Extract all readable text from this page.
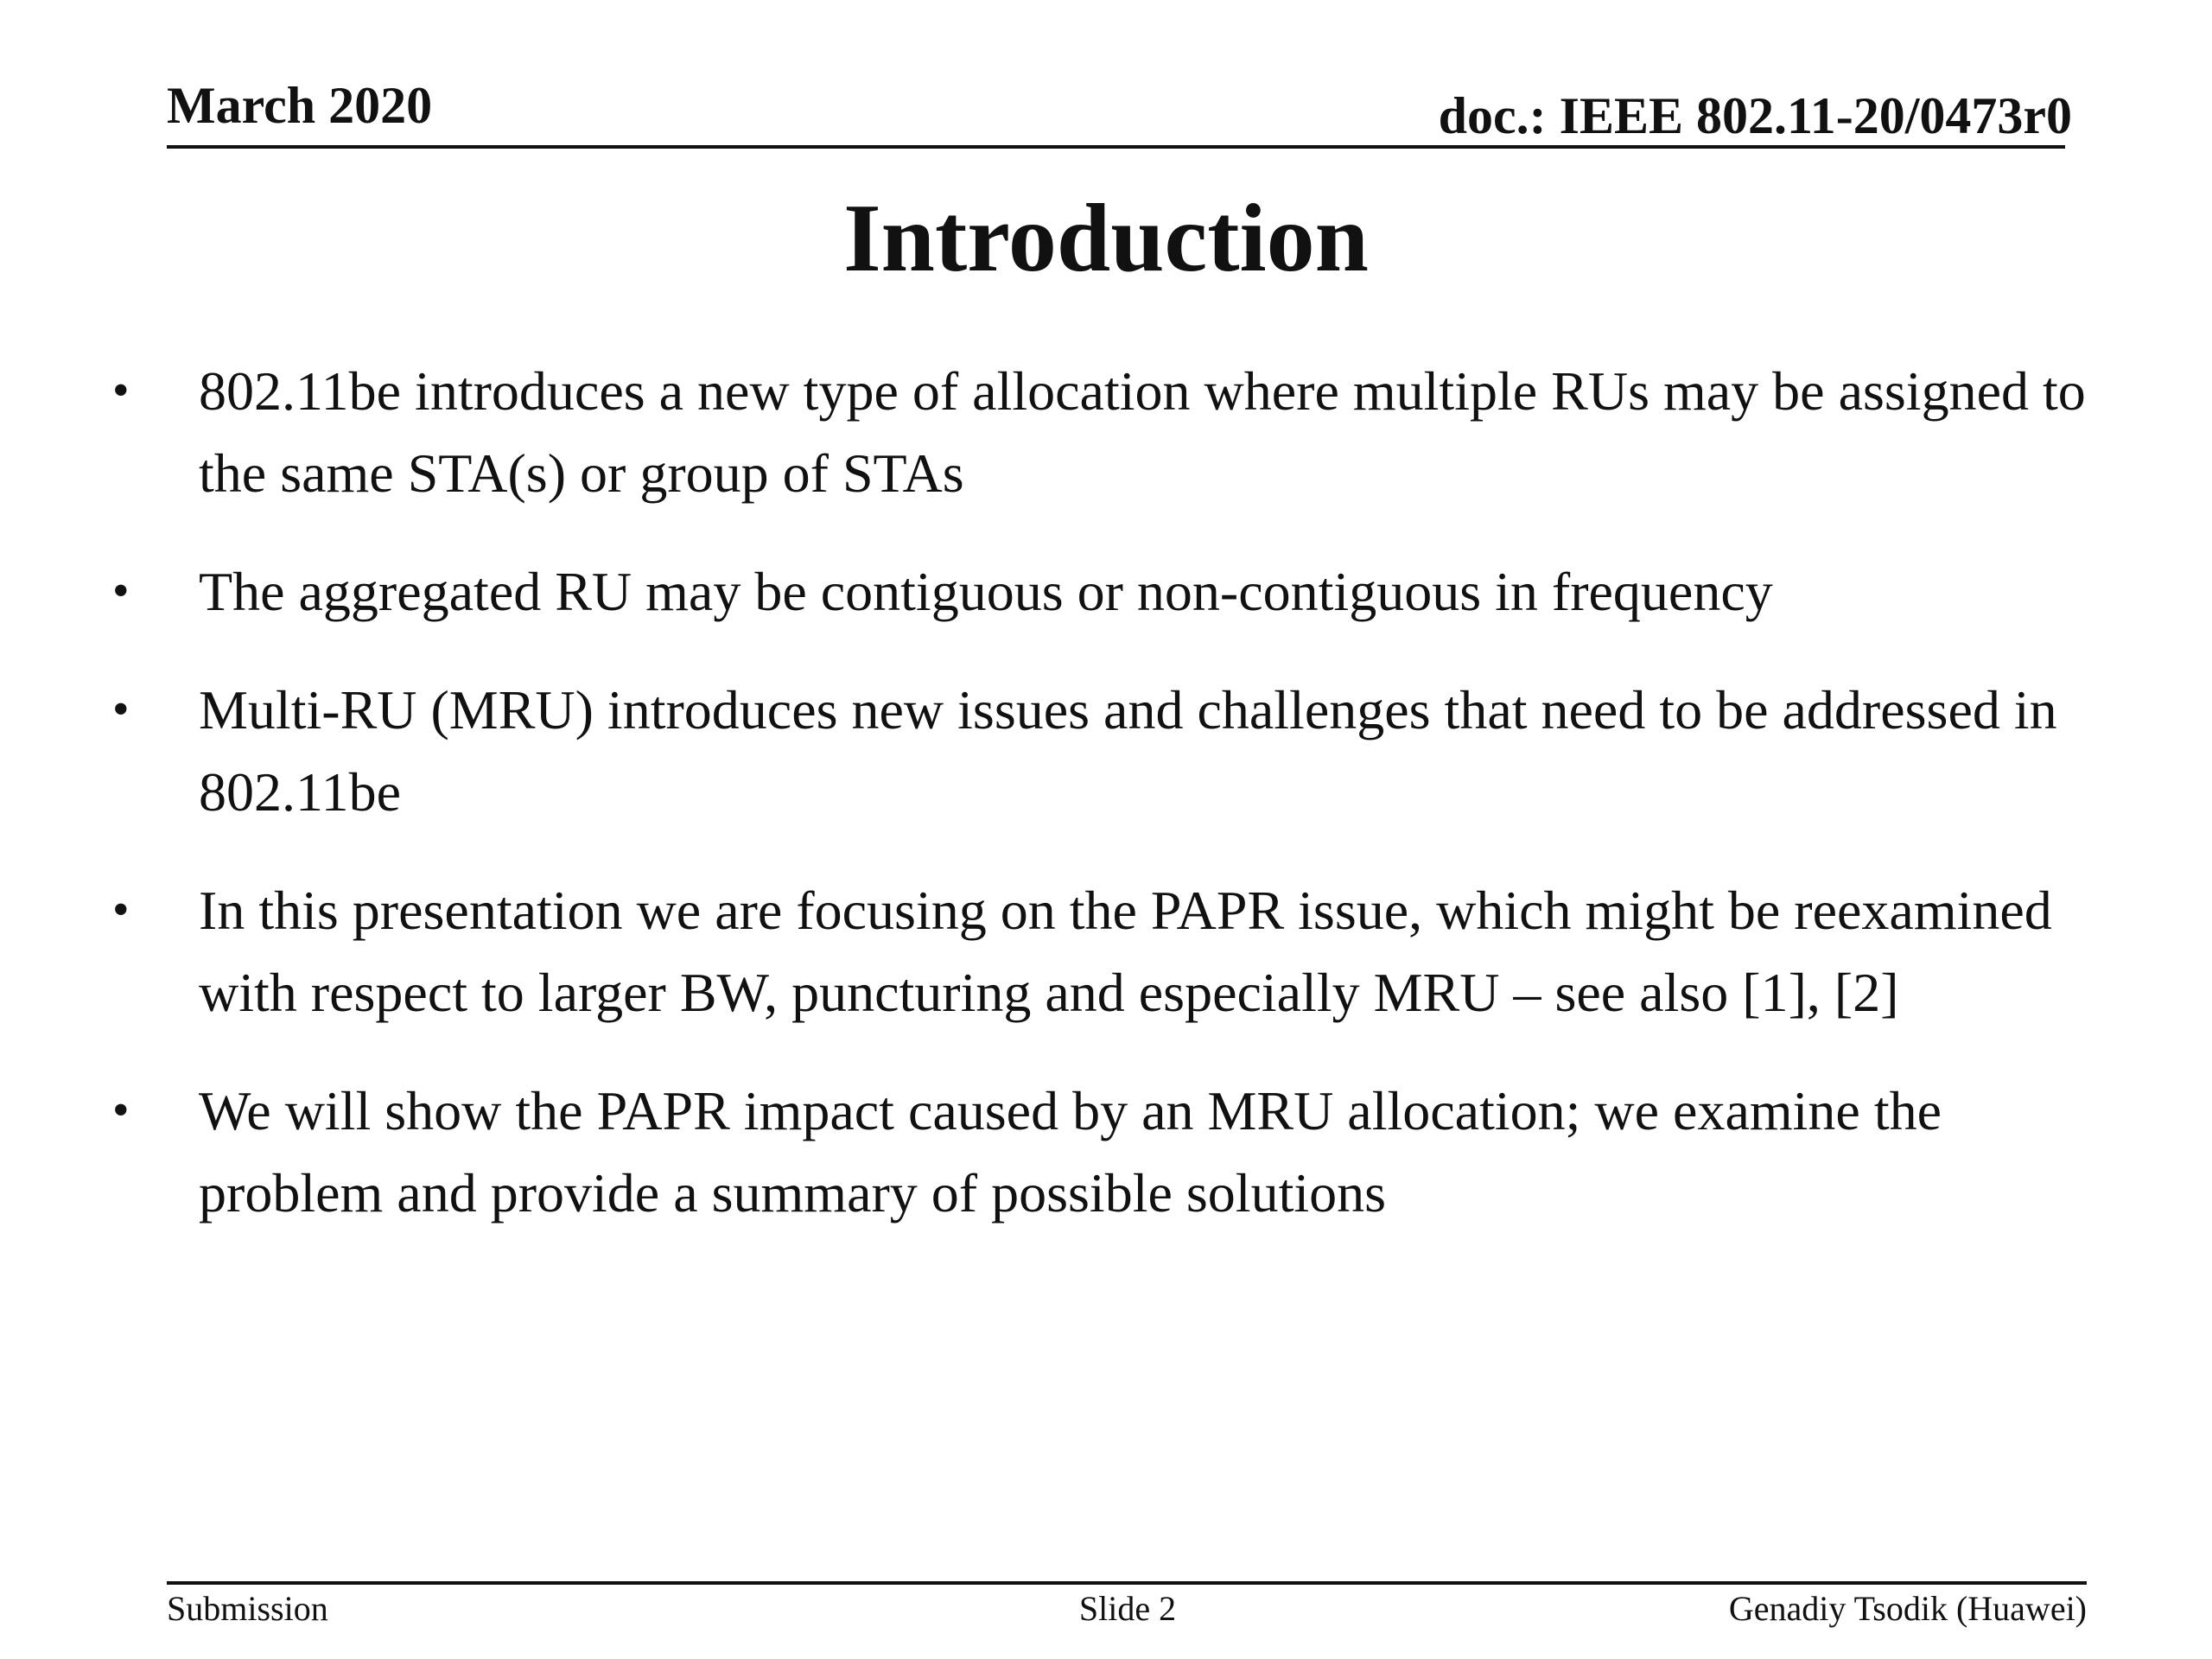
March 2020	doc.: IEEE 802.11-20/0473r0
Introduction
•	802.11be introduces a new type of allocation where multiple RUs may be assigned to the same STA(s) or group of STAs
•	The aggregated RU may be contiguous or non-contiguous in frequency
•	Multi-RU (MRU) introduces new issues and challenges that need to be addressed in 802.11be
•	In this presentation we are focusing on the PAPR issue, which might be reexamined with respect to larger BW, puncturing and especially MRU – see also [1], [2]
•	We will show the PAPR impact caused by an MRU allocation; we examine the problem and provide a summary of possible solutions
Submission	Slide 2	Genadiy Tsodik (Huawei)
